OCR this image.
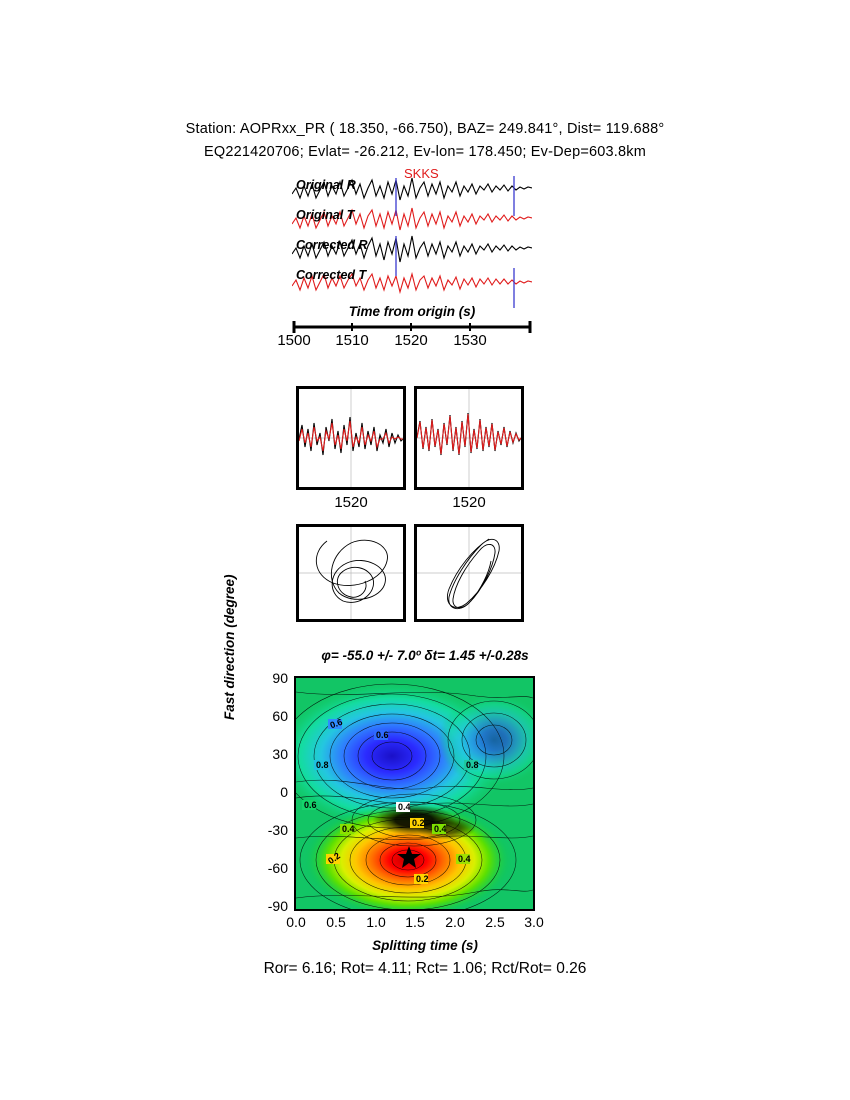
Station: AOPRxx_PR ( 18.350, -66.750), BAZ= 249.841°, Dist= 119.688°
EQ221420706; Evlat= -26.212, Ev-lon= 178.450; Ev-Dep=603.8km
SKKS
Original R
Original T
Corrected R
Corrected T
Time from origin (s)
1500	1510	1520	1530
1520	1520
φ= -55.0 +/- 7.0º δt= 1.45 +/-0.28s
0.6
0.6
0.8
0.6
0.8
0.4
0.4	0.4
0.2
0.2
0.2
0.4
90
60
30
0
-30
-60
-90
0.0	0.5	1.0	1.5	2.0	2.5	3.0
Fast direction (degree)
Splitting time (s)
Ror= 6.16; Rot= 4.11; Rct= 1.06; Rct/Rot= 0.26
